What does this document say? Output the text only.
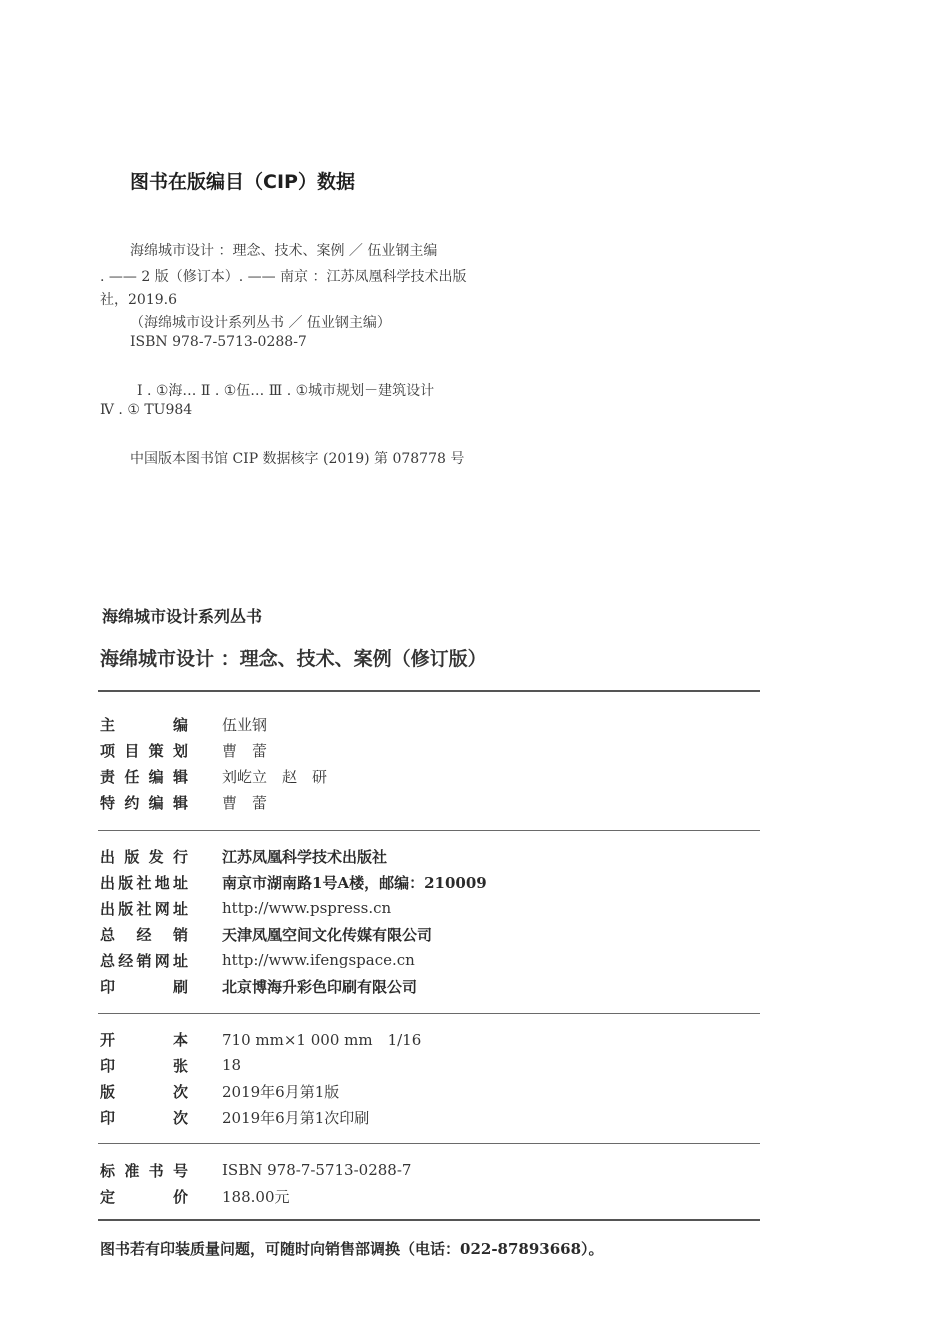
图书在版编目（CIP）数据
海绵城市设计 ：理念、技术、案例 ／ 伍业钢主编
. —— 2 版（修订本）. —— 南京 ：江苏凤凰科学技术出版
社，2019.6
（海绵城市设计系列丛书 ／ 伍业钢主编）
ISBN 978-7-5713-0288-7
Ⅰ . ①海… Ⅱ . ①伍… Ⅲ . ①城市规划－建筑设计
Ⅳ . ① TU984
中国版本图书馆 CIP 数据核字 (2019) 第 078778 号
海绵城市设计系列丛书
海绵城市设计 ：理念、技术、案例（修订版）
主	编 伍业钢
项 目 策 划 曹　蕾
责 任 编 辑 刘屹立　赵　研
特 约 编 辑 曹　蕾
出 版 发 行 江苏凤凰科学技术出版社
出 版 社 地 址 南京市湖南路1号A楼，邮编：210009
出 版 社 网 址 http://www.pspress.cn
总 经 销 天津凤凰空间文化传媒有限公司
总 经 销 网 址 http://www.ifengspace.cn
印	刷 北京博海升彩色印刷有限公司
开	本 710 mm×1 000 mm　1/16
印	张 18
版	次 2019年6月第1版
印	次 2019年6月第1次印刷
标 准 书 号 ISBN 978-7-5713-0288-7
定	价 188.00元
图书若有印装质量问题，可随时向销售部调换（电话：022-87893668）。
